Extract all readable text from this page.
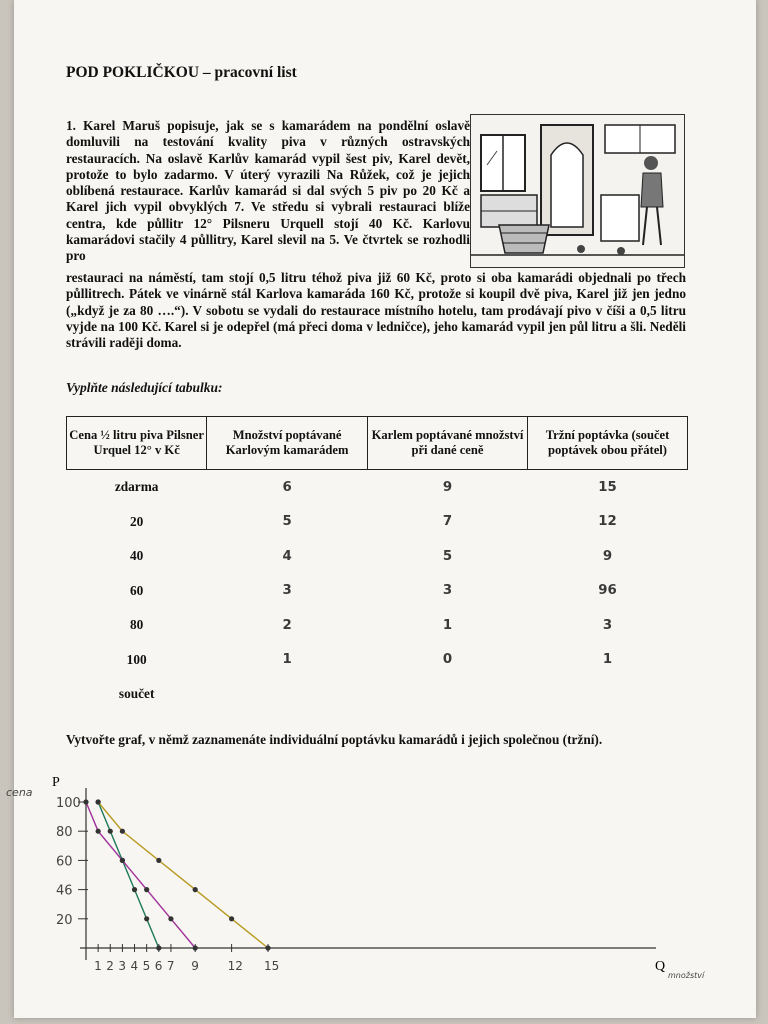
POD POKLIČKOU – pracovní list
1. Karel Maruš popisuje, jak se s kamarádem na pondělní oslavě domluvili na testování kvality piva v různých ostravských restauracích. Na oslavě Karlův kamarád vypil šest piv, Karel devět, protože to bylo zadarmo. V úterý vyrazili Na Růžek, což je jejich oblíbená restaurace. Karlův kamarád si dal svých 5 piv po 20 Kč a Karel jich vypil obvyklých 7. Ve středu si vybrali restauraci blíže centra, kde půllitr 12° Pilsneru Urquell stojí 40 Kč. Karlovu kamarádovi stačily 4 půllitry, Karel slevil na 5. Ve čtvrtek se rozhodli pro
restauraci na náměstí, tam stojí 0,5 litru téhož piva již 60 Kč, proto si oba kamarádi objednali po třech půllitrech. Pátek ve vinárně stál Karlova kamaráda 160 Kč, protože si koupil dvě piva, Karel již jen jedno („když je za 80 ….“). V sobotu se vydali do restaurace místního hotelu, tam prodávají pivo v číši a 0,5 litru vyjde na 100 Kč. Karel si je odepřel (má přeci doma v ledničce), jeho kamarád vypil jen půl litru a šli. Neděli strávili raději doma.
Vyplňte následující tabulku:
Cena ½ litru piva Pilsner Urquel 12° v Kč	Množství poptávané Karlovým kamarádem	Karlem poptávané množství při dané ceně	Tržní poptávka (součet poptávek obou přátel)
zdarma	6	9	15
20	5	7	12
40	4	5	9
60	3	3	96
80	2	1	3
100	1	0	1
součet			
Vytvořte graf, v němž zaznamenáte individuální poptávku kamarádů i jejich společnou (tržní).
P
cena
Q
množství
100
80
60
46
20
1 2 3 4 5 6 7 9 12 15
